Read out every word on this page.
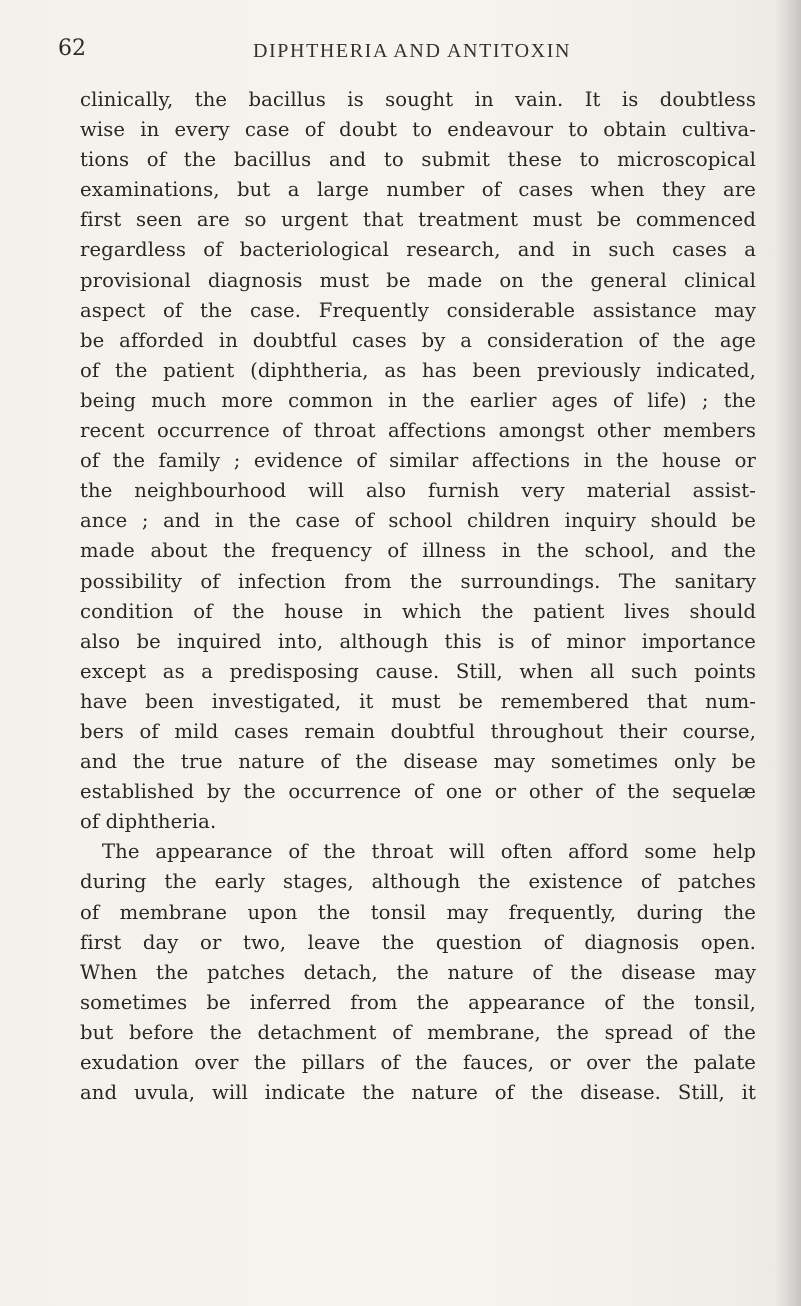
62	DIPHTHERIA AND ANTITOXIN
clinically, the bacillus is sought in vain. It is doubtless
wise in every case of doubt to endeavour to obtain cultiva-
tions of the bacillus and to submit these to microscopical
examinations, but a large number of cases when they are
first seen are so urgent that treatment must be commenced
regardless of bacteriological research, and in such cases a
provisional diagnosis must be made on the general clinical
aspect of the case. Frequently considerable assistance may
be afforded in doubtful cases by a consideration of the age
of the patient (diphtheria, as has been previously indicated,
being much more common in the earlier ages of life) ; the
recent occurrence of throat affections amongst other members
of the family ; evidence of similar affections in the house or
the neighbourhood will also furnish very material assist-
ance ; and in the case of school children inquiry should be
made about the frequency of illness in the school, and the
possibility of infection from the surroundings. The sanitary
condition of the house in which the patient lives should
also be inquired into, although this is of minor importance
except as a predisposing cause. Still, when all such points
have been investigated, it must be remembered that num-
bers of mild cases remain doubtful throughout their course,
and the true nature of the disease may sometimes only be
established by the occurrence of one or other of the sequelæ
of diphtheria.
The appearance of the throat will often afford some help
during the early stages, although the existence of patches
of membrane upon the tonsil may frequently, during the
first day or two, leave the question of diagnosis open.
When the patches detach, the nature of the disease may
sometimes be inferred from the appearance of the tonsil,
but before the detachment of membrane, the spread of the
exudation over the pillars of the fauces, or over the palate
and uvula, will indicate the nature of the disease. Still, it
